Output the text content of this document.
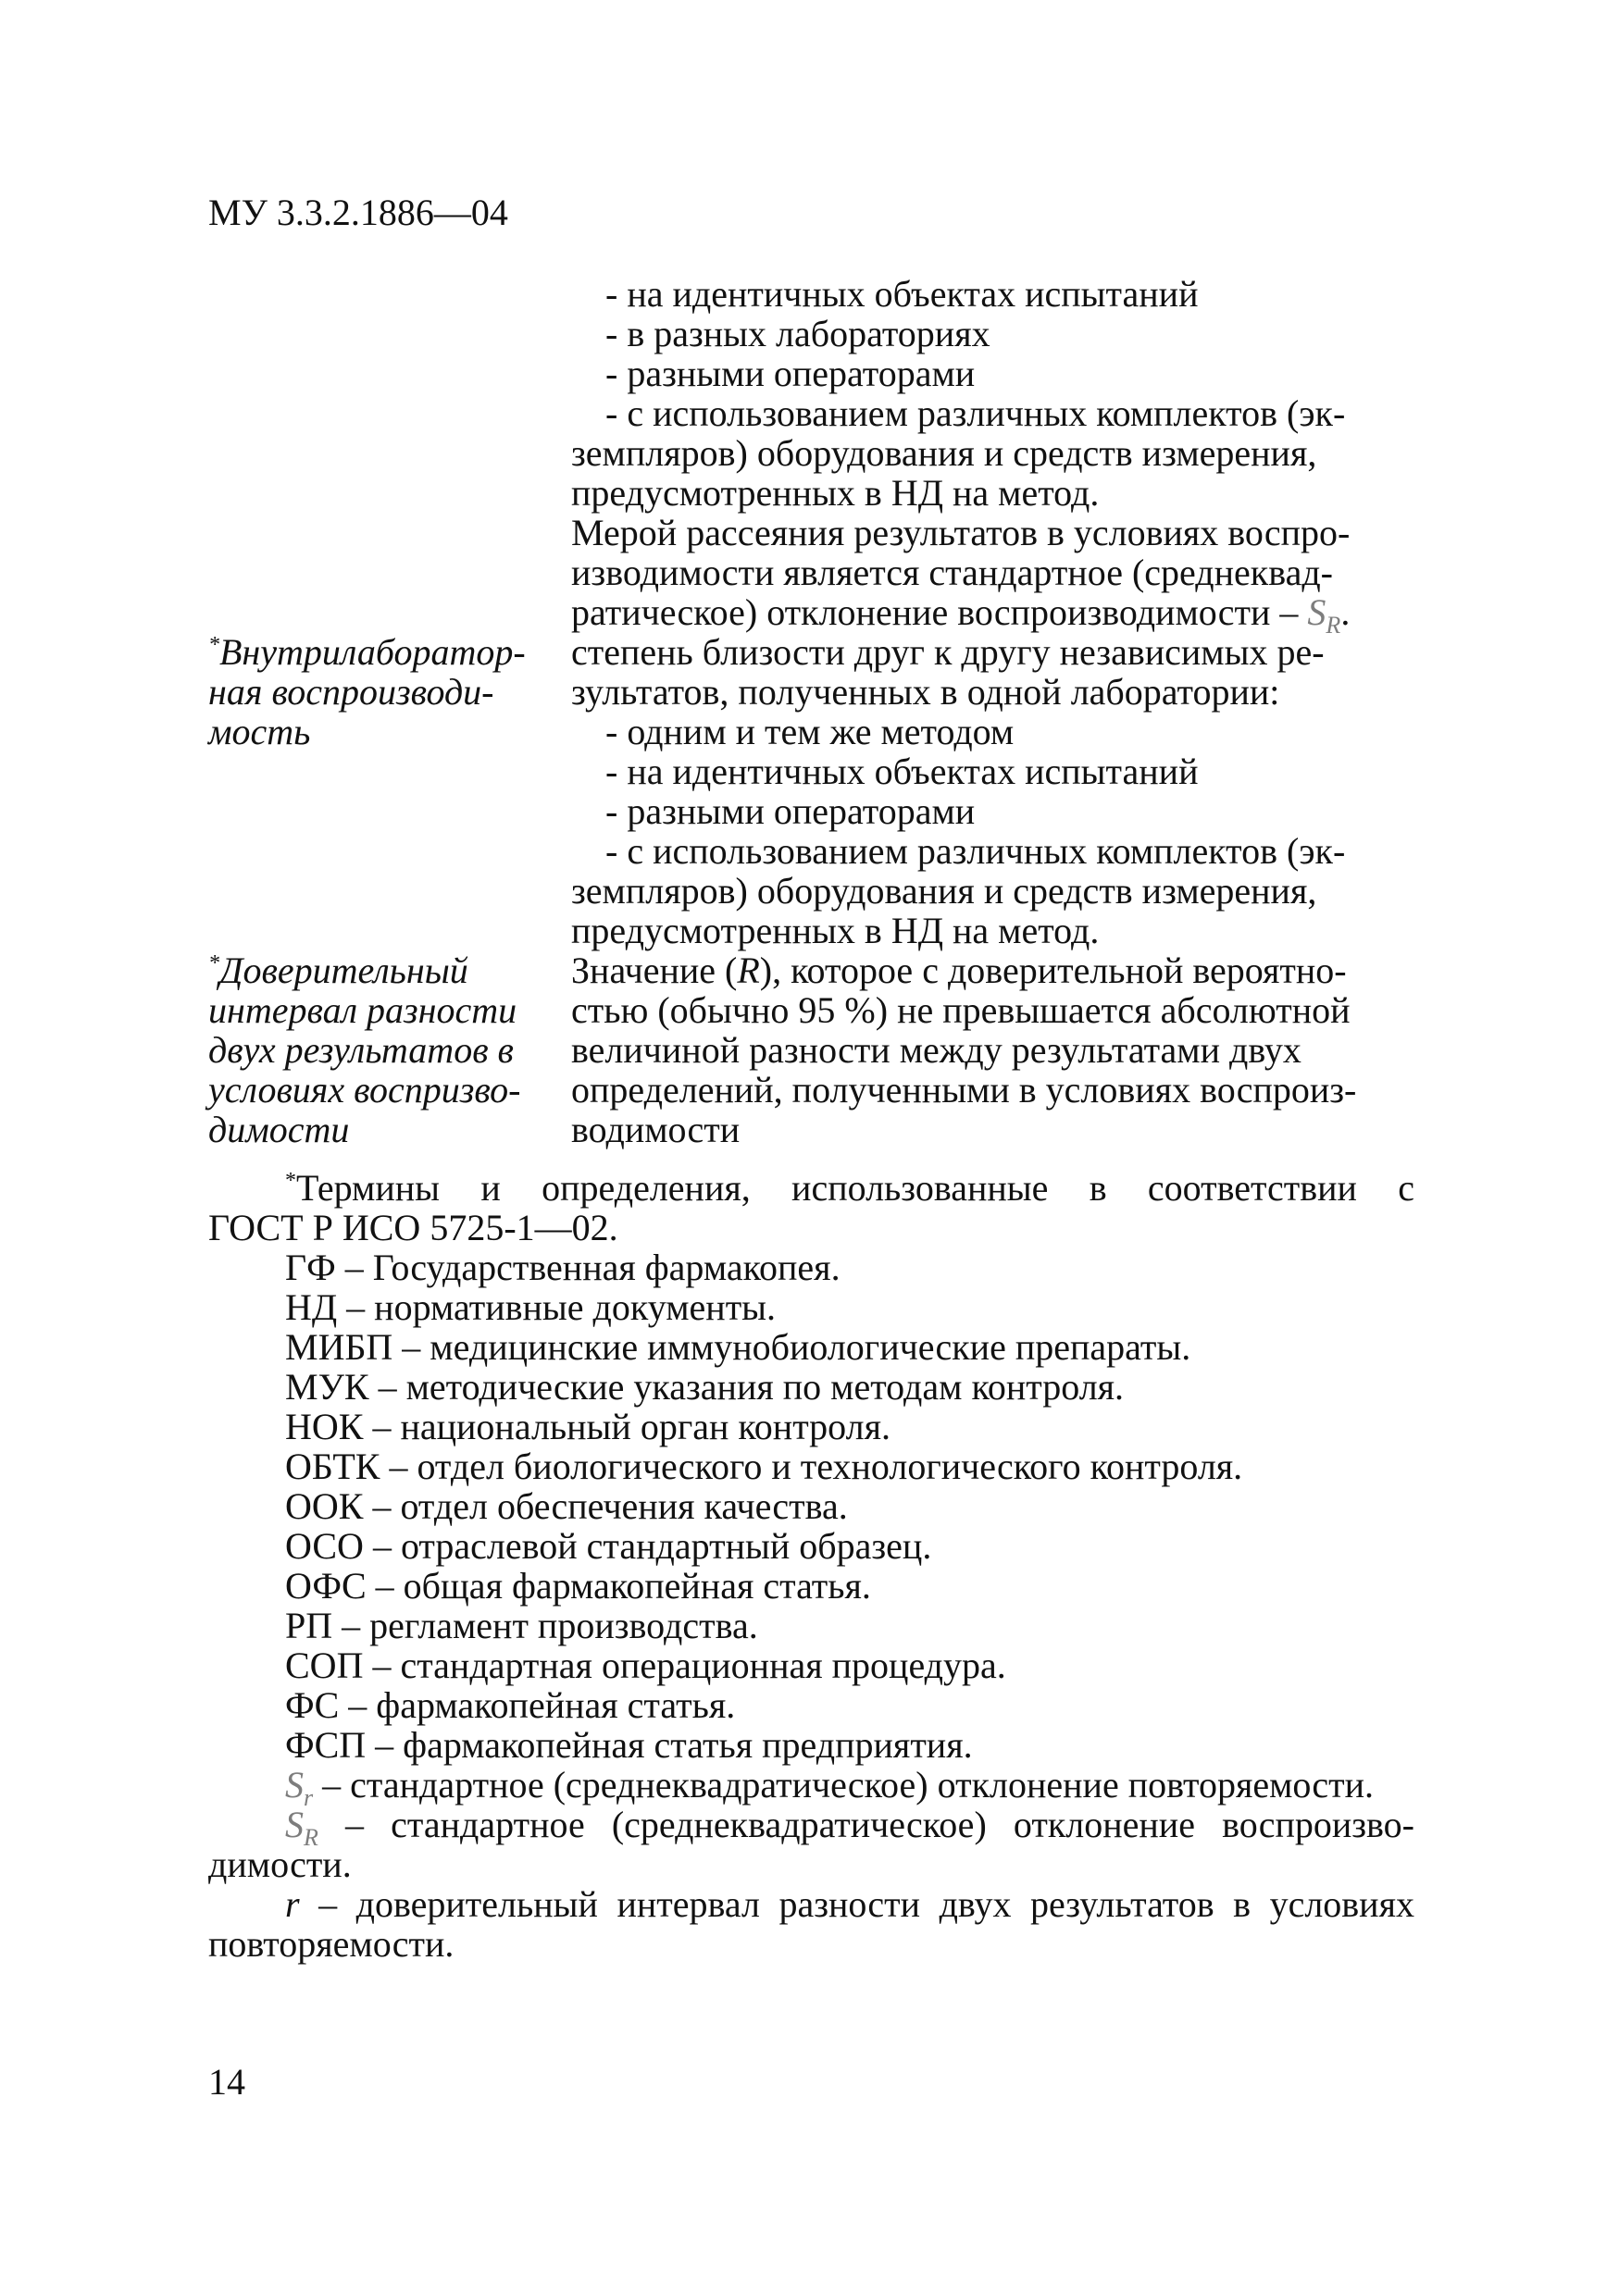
МУ 3.3.2.1886—04
- на идентичных объектах испытаний
- в разных лабораториях
- разными операторами
- с использованием различных комплектов (эк-
земпляров) оборудования и средств измерения,
предусмотренных в НД на метод.
Мерой рассеяния результатов в условиях воспро-
изводимости является стандартное (среднеквад-
ратическое) отклонение воспроизводимости – $S_R$.
*Внутрилаборатор-
ная воспроизводи-
мость
степень близости друг к другу независимых ре-
зультатов, полученных в одной лаборатории:
- одним и тем же методом
- на идентичных объектах испытаний
- разными операторами
- с использованием различных комплектов (эк-
земпляров) оборудования и средств измерения,
предусмотренных в НД на метод.
*Доверительный
интервал разности
двух результатов в
условиях воспризво-
димости
Значение (R), которое с доверительной вероятно-
стью (обычно 95 %) не превышается абсолютной
величиной разности между результатами двух
определений, полученными в условиях воспроиз-
водимости
*Термины и определения, использованные в соответствии с
ГОСТ Р ИСО 5725-1—02.
ГФ – Государственная фармакопея.
НД – нормативные документы.
МИБП – медицинские иммунобиологические препараты.
МУК – методические указания по методам контроля.
НОК – национальный орган контроля.
ОБТК – отдел биологического и технологического контроля.
ООК – отдел обеспечения качества.
ОСО – отраслевой стандартный образец.
ОФС – общая фармакопейная статья.
РП – регламент производства.
СОП – стандартная операционная процедура.
ФС – фармакопейная статья.
ФСП – фармакопейная статья предприятия.
$S_r$ – стандартное (среднеквадратическое) отклонение повторяемости.
$S_R$ – стандартное (среднеквадратическое) отклонение воспроизво-
димости.
r – доверительный интервал разности двух результатов в условиях
повторяемости.
14
